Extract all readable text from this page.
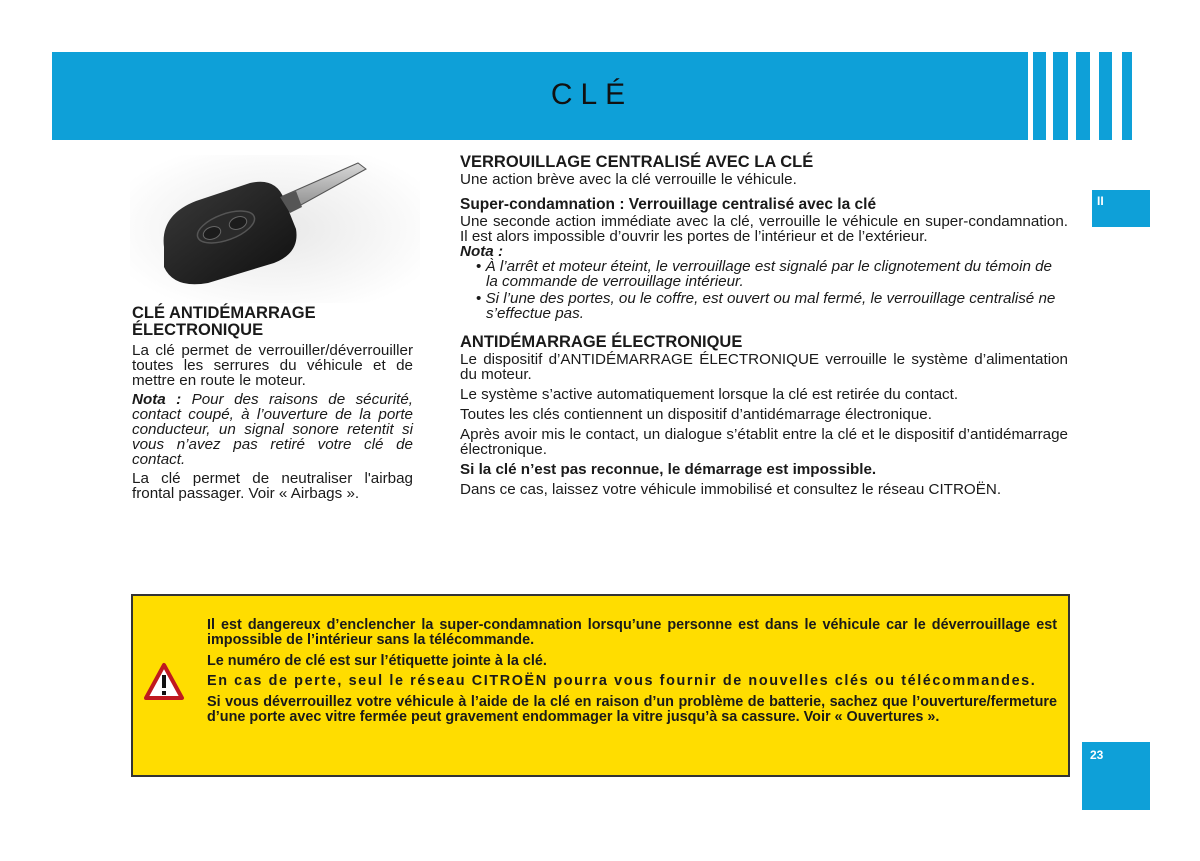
CLÉ
II
23
CLÉ ANTIDÉMARRAGE ÉLECTRONIQUE

La clé permet de verrouiller/déverrouiller toutes les serrures du véhicule et de mettre en route le moteur.

Nota : Pour des raisons de sécurité, contact coupé, à l’ouverture de la porte conducteur, un signal sonore retentit si vous n’avez pas retiré votre clé de contact.

La clé permet de neutraliser l'airbag frontal passager. Voir « Airbags ».

VERROUILLAGE CENTRALISÉ AVEC LA CLÉ

Une action brève avec la clé verrouille le véhicule.

Super-condamnation : Verrouillage centralisé avec la clé

Une seconde action immédiate avec la clé, verrouille le véhicule en super-condamnation. Il est alors impossible d’ouvrir les portes de l’intérieur et de l’extérieur.

Nota :

• À l’arrêt et moteur éteint, le verrouillage est signalé par le clignotement du témoin de la commande de verrouillage intérieur.
• Si l’une des portes, ou le coffre, est ouvert ou mal fermé, le verrouillage centralisé ne s’effectue pas.
ANTIDÉMARRAGE ÉLECTRONIQUE

Le dispositif d’ANTIDÉMARRAGE ÉLECTRONIQUE verrouille le système d’alimentation du moteur.

Le système s’active automatiquement lorsque la clé est retirée du contact.

Toutes les clés contiennent un dispositif d’antidémarrage électronique.

Après avoir mis le contact, un dialogue s’établit entre la clé et le dispositif d’antidémarrage électronique.

Si la clé n’est pas reconnue, le démarrage est impossible.

Dans ce cas, laissez votre véhicule immobilisé et consultez le réseau CITROËN.

Il est dangereux d’enclencher la super-condamnation lorsqu’une personne est dans le véhicule car le déverrouillage est impossible de l’intérieur sans la télécommande.

Le numéro de clé est sur l’étiquette jointe à la clé.

En cas de perte, seul le réseau CITROËN pourra vous fournir de nouvelles clés ou télécommandes.

Si vous déverrouillez votre véhicule à l’aide de la clé en raison d’un problème de batterie, sachez que l’ouverture/fermeture d’une porte avec vitre fermée peut gravement endommager la vitre jusqu’à sa cassure. Voir « Ouvertures ».
